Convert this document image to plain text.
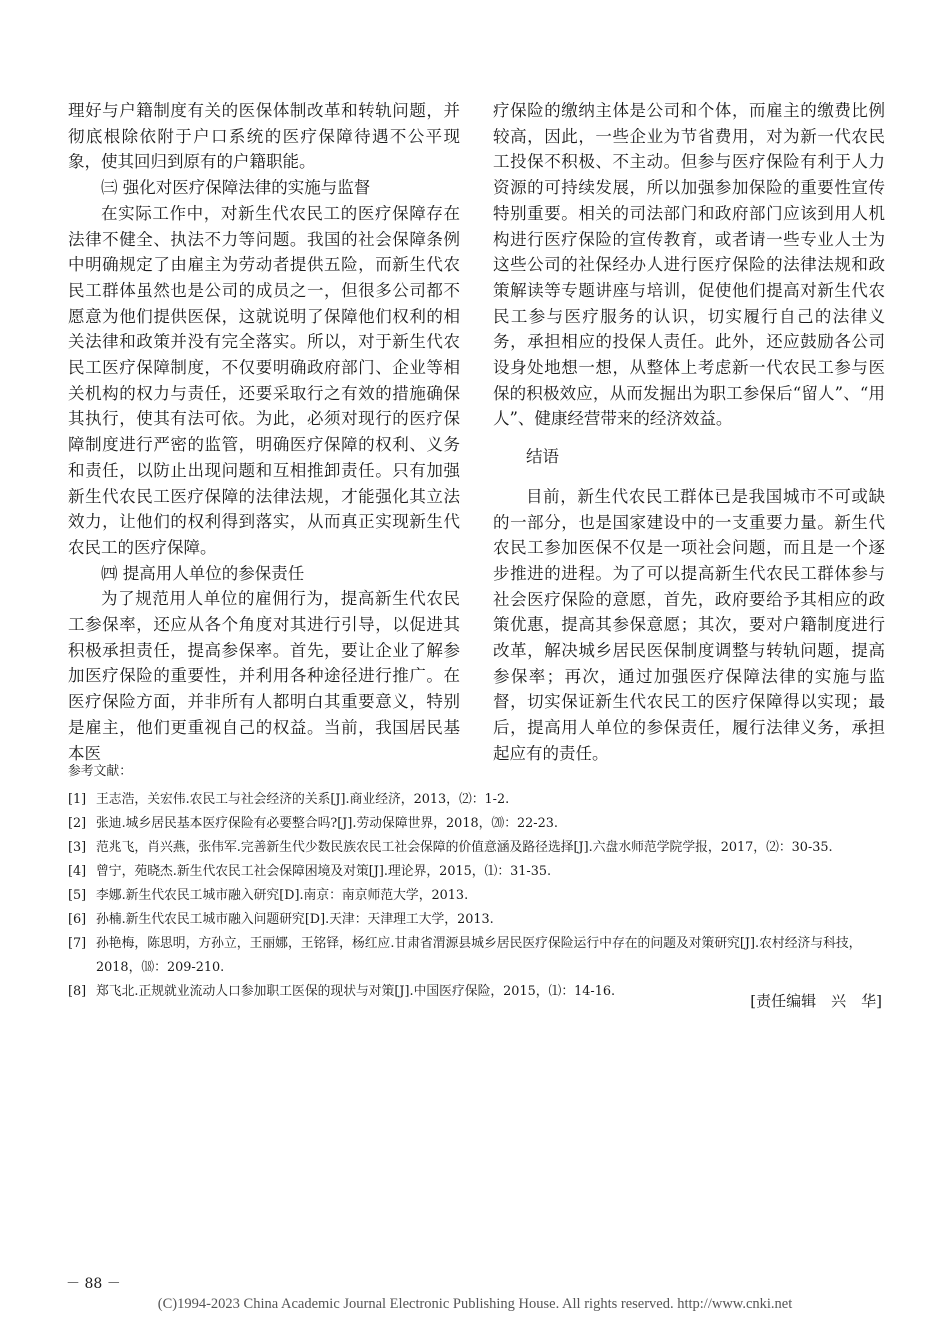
理好与户籍制度有关的医保体制改革和转轨问题，并彻底根除依附于户口系统的医疗保障待遇不公平现象，使其回归到原有的户籍职能。

㈢ 强化对医疗保障法律的实施与监督

在实际工作中，对新生代农民工的医疗保障存在法律不健全、执法不力等问题。我国的社会保障条例中明确规定了由雇主为劳动者提供五险，而新生代农民工群体虽然也是公司的成员之一，但很多公司都不愿意为他们提供医保，这就说明了保障他们权利的相关法律和政策并没有完全落实。所以，对于新生代农民工医疗保障制度，不仅要明确政府部门、企业等相关机构的权力与责任，还要采取行之有效的措施确保其执行，使其有法可依。为此，必须对现行的医疗保障制度进行严密的监管，明确医疗保障的权利、义务和责任，以防止出现问题和互相推卸责任。只有加强新生代农民工医疗保障的法律法规，才能强化其立法效力，让他们的权利得到落实，从而真正实现新生代农民工的医疗保障。

㈣ 提高用人单位的参保责任

为了规范用人单位的雇佣行为，提高新生代农民工参保率，还应从各个角度对其进行引导，以促进其积极承担责任，提高参保率。首先，要让企业了解参加医疗保险的重要性，并利用各种途径进行推广。在医疗保险方面，并非所有人都明白其重要意义，特别是雇主，他们更重视自己的权益。当前，我国居民基本医

疗保险的缴纳主体是公司和个体，而雇主的缴费比例较高，因此，一些企业为节省费用，对为新一代农民工投保不积极、不主动。但参与医疗保险有利于人力资源的可持续发展，所以加强参加保险的重要性宣传特别重要。相关的司法部门和政府部门应该到用人机构进行医疗保险的宣传教育，或者请一些专业人士为这些公司的社保经办人进行医疗保险的法律法规和政策解读等专题讲座与培训，促使他们提高对新生代农民工参与医疗服务的认识，切实履行自己的法律义务，承担相应的投保人责任。此外，还应鼓励各公司设身处地想一想，从整体上考虑新一代农民工参与医保的积极效应，从而发掘出为职工参保后“留人”、“用人”、健康经营带来的经济效益。

结语

目前，新生代农民工群体已是我国城市不可或缺的一部分，也是国家建设中的一支重要力量。新生代农民工参加医保不仅是一项社会问题，而且是一个逐步推进的进程。为了可以提高新生代农民工群体参与社会医疗保险的意愿，首先，政府要给予其相应的政策优惠，提高其参保意愿；其次，要对户籍制度进行改革，解决城乡居民医保制度调整与转轨问题，提高参保率；再次，通过加强医疗保障法律的实施与监督，切实保证新生代农民工的医疗保障得以实现；最后，提高用人单位的参保责任，履行法律义务，承担起应有的责任。

参考文献：
[1] 王志浩，关宏伟.农民工与社会经济的关系[J].商业经济，2013，⑵：1-2.
[2] 张迪.城乡居民基本医疗保险有必要整合吗?[J].劳动保障世界，2018，⒇：22-23.
[3] 范兆飞，肖兴燕，张伟军.完善新生代少数民族农民工社会保障的价值意涵及路径选择[J].六盘水师范学院学报，2017，⑵：30-35.
[4] 曾宁，苑晓杰.新生代农民工社会保障困境及对策[J].理论界，2015，⑴：31-35.
[5] 李娜.新生代农民工城市融入研究[D].南京：南京师范大学，2013.
[6] 孙楠.新生代农民工城市融入问题研究[D].天津：天津理工大学，2013.
[7] 孙艳梅，陈思明，方孙立，王丽娜，王铭铎，杨红应.甘肃省渭源县城乡居民医疗保险运行中存在的问题及对策研究[J].农村经济与科技，2018，⒅：209-210.
[8] 郑飞北.正规就业流动人口参加职工医保的现状与对策[J].中国医疗保险，2015，⑴：14-16.
[责任编辑　兴　华]
－ 88 －
(C)1994-2023 China Academic Journal Electronic Publishing House. All rights reserved. http://www.cnki.net
